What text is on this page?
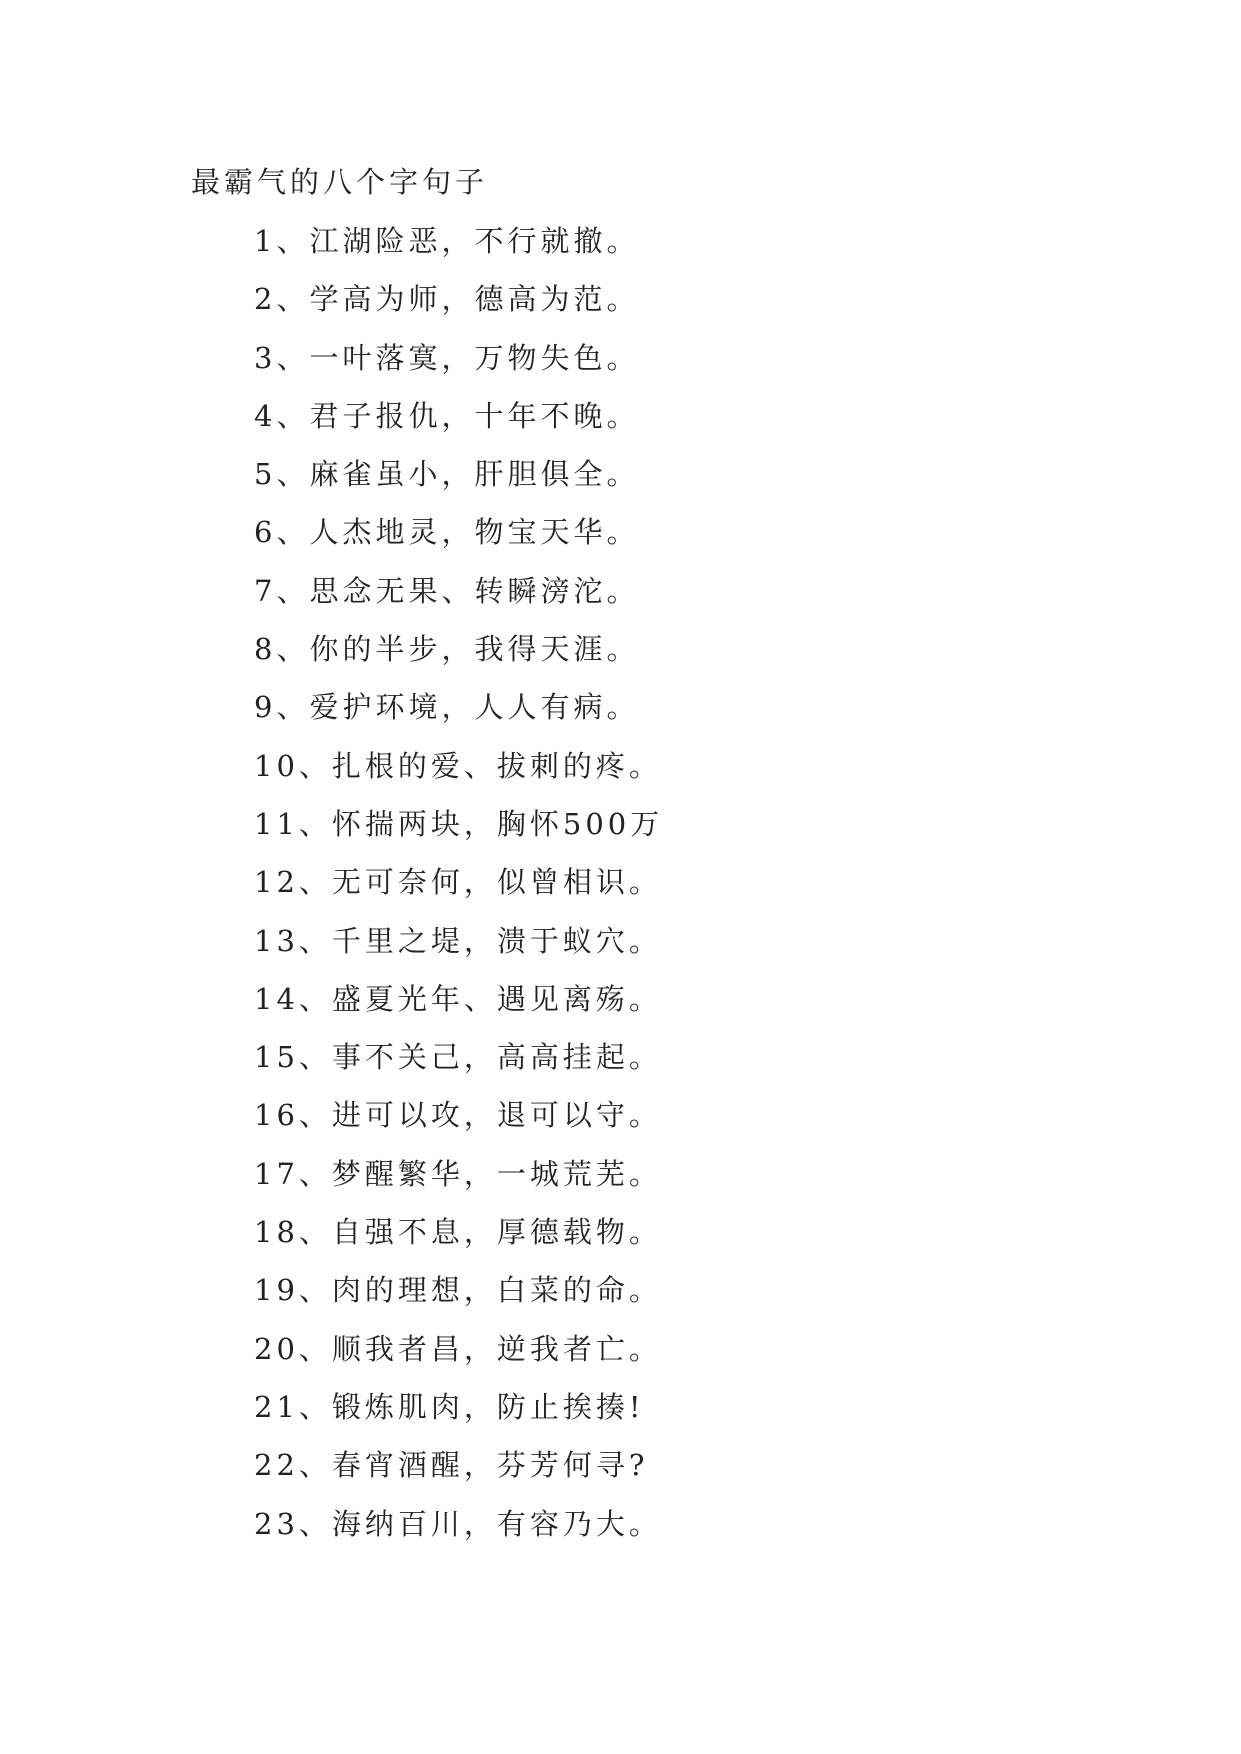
最霸气的八个字句子
1、江湖险恶，不行就撤。
2、学高为师，德高为范。
3、一叶落寞，万物失色。
4、君子报仇，十年不晚。
5、麻雀虽小，肝胆俱全。
6、人杰地灵，物宝天华。
7、思念无果、转瞬滂沱。
8、你的半步，我得天涯。
9、爱护环境，人人有病。
10、扎根的爱、拔刺的疼。
11、怀揣两块，胸怀500万
12、无可奈何，似曾相识。
13、千里之堤，溃于蚁穴。
14、盛夏光年、遇见离殇。
15、事不关己，高高挂起。
16、进可以攻，退可以守。
17、梦醒繁华，一城荒芜。
18、自强不息，厚德载物。
19、肉的理想，白菜的命。
20、顺我者昌，逆我者亡。
21、锻炼肌肉，防止挨揍!
22、春宵酒醒，芬芳何寻?
23、海纳百川，有容乃大。
